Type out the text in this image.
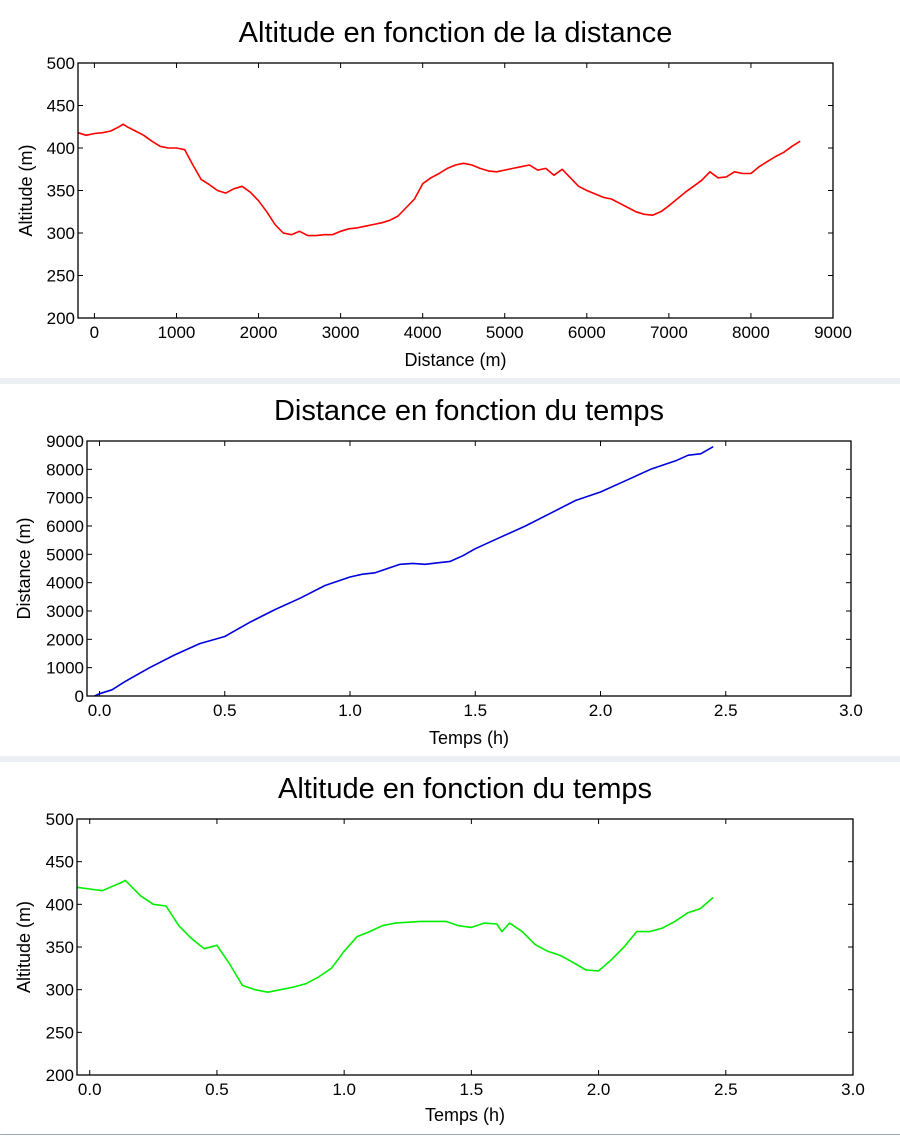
Altitude en fonction de la distance
0	1000	2000	3000	4000	5000	6000	7000	8000	9000
200
250
300
350
400
450
500
Distance (m)
Altitude (m)
Distance en fonction du temps
0.0	0.5	1.0	1.5	2.0	2.5	3.0
0
1000
2000
3000
4000
5000
6000
7000
8000
9000
Temps (h)
Distance (m)
Altitude en fonction du temps
0.0	0.5	1.0	1.5	2.0	2.5	3.0
200
250
300
350
400
450
500
Temps (h)
Altitude (m)
